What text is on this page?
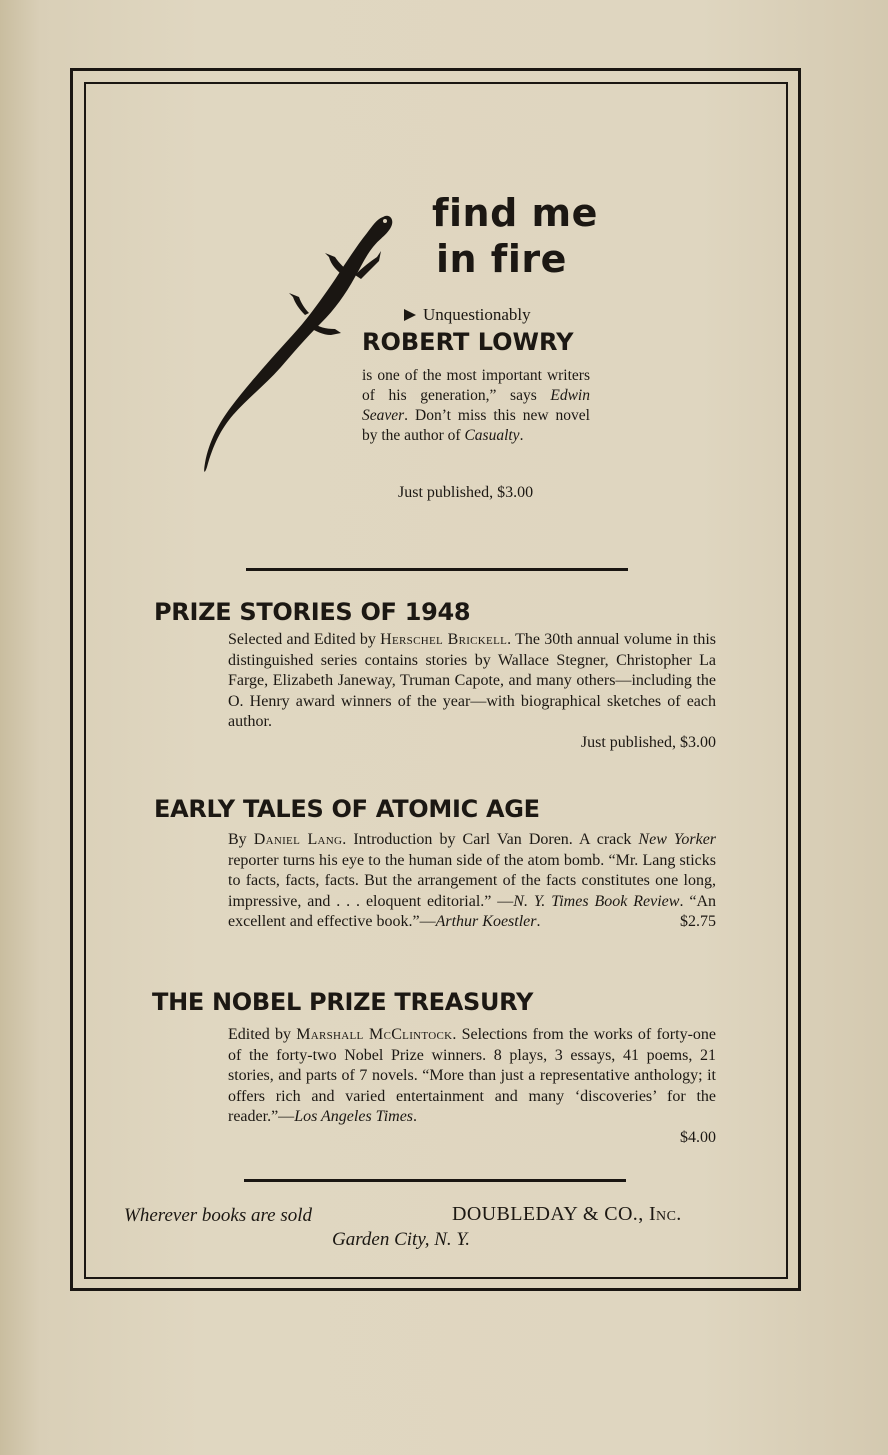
find me
in fire
Unquestionably
ROBERT LOWRY

is one of the most important writers of his generation,” says Edwin Seaver. Don’t miss this new novel by the author of Casualty.

Just published, $3.00
PRIZE STORIES OF 1948

Selected and Edited by Herschel Brickell. The 30th annual volume in this distinguished series contains stories by Wallace Stegner, Christopher La Farge, Elizabeth Janeway, Truman Capote, and many others—including the O. Henry award winners of the year—with biographical sketches of each author.
Just published, $3.00

EARLY TALES OF ATOMIC AGE

By Daniel Lang. Introduction by Carl Van Doren. A crack New Yorker reporter turns his eye to the human side of the atom bomb. “Mr. Lang sticks to facts, facts, facts. But the arrangement of the facts constitutes one long, impressive, and . . . eloquent editorial.” —N. Y. Times Book Review. “An excellent and effective book.”—Arthur Koestler.	$2.75

THE NOBEL PRIZE TREASURY

Edited by Marshall McClintock. Selections from the works of forty-one of the forty-two Nobel Prize winners. 8 plays, 3 essays, 41 poems, 21 stories, and parts of 7 novels. “More than just a representative anthology; it offers rich and varied entertainment and many ‘discoveries’ for the reader.”—Los Angeles Times.
$4.00

Wherever books are sold	DOUBLEDAY & CO., Inc.
Garden City, N. Y.
